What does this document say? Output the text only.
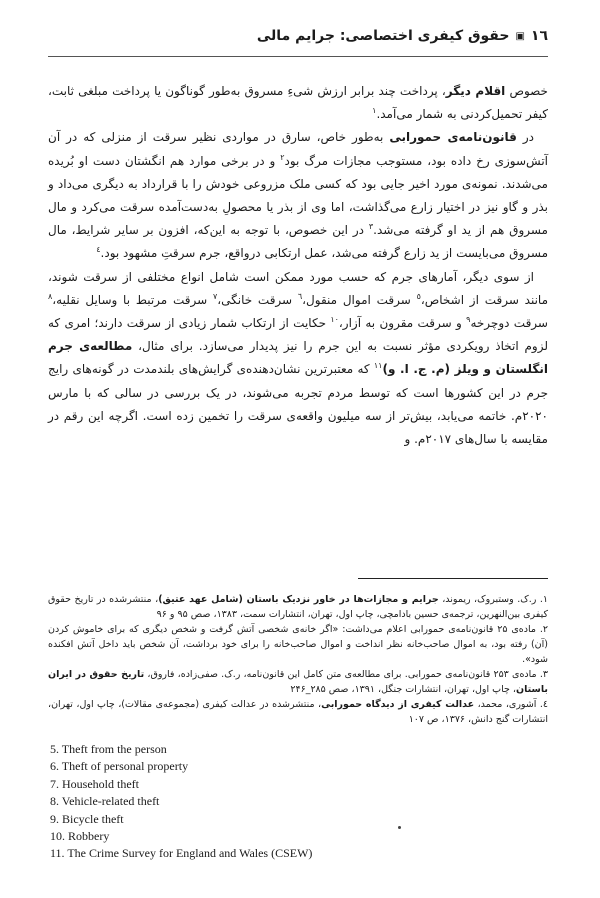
١٦▣حقوق کیفری اختصاصی: جرایم مالی

خصوص اقلام دیگر، پرداخت چند برابر ارزش شیءِ مسروق به‌طور گوناگون یا پرداخت مبلغی ثابت، کیفر تحمیل‌کردنی به شمار می‌آمد.$^١$

در قانون‌نامه‌ی حمورابی به‌طور خاص، سارق در مواردی نظیر سرقت از منزلی که در آن آتش‌سوزی رخ داده بود، مستوجب مجازات مرگ بود$^٢$ و در برخی موارد هم انگشتان دست او بُریده می‌شدند. نمونه‌ی مورد اخیر جایی بود که کسی ملک مزروعی خودش را با قرارداد به دیگری می‌داد و بذر و گاو نیز در اختیار زارع می‌گذاشت، اما وی از بذر یا محصولِ به‌دست‌آمده سرقت می‌کرد و مال مسروق هم از ید او گرفته می‌شد.$^٣$ در این خصوص، با توجه به این‌که، افزون بر سایر شرایط، مال مسروق می‌بایست از ید زارع گرفته می‌شد، عمل ارتکابی درواقع، جرم سرقتِ مشهود بود.$^٤$

از سوی دیگر، آمارهای جرم که حسب مورد ممکن است شامل انواع مختلفی از سرقت شوند، مانند سرقت از اشخاص،$^٥$ سرقت اموال منقول،$^٦$ سرقت خانگی،$^٧$ سرقت مرتبط با وسایل نقلیه،$^٨$ سرقت دوچرخه$^٩$ و سرقت مقرون به آزار،$^{١٠}$ حکایت از ارتکاب شمار زیادی از سرقت دارند؛ امری که لزوم اتخاذ رویکردی مؤثر نسبت به این جرم را نیز پدیدار می‌سازد. برای مثال، مطالعه‌ی جرم انگلستان و ویلز (م. ج. ا. و)$^{١١}$ که معتبرترین نشان‌دهنده‌ی گرایش‌های بلندمدت در گونه‌های رایج جرم در این کشورها است که توسط مردم تجربه می‌شوند، در یک بررسی در سالی که با مارس ۲۰۲۰م. خاتمه می‌یابد، بیش‌تر از سه میلیون واقعه‌ی سرقت را تخمین زده است. اگرچه این رقم در مقایسه با سال‌های ۲۰۱۷م. و

١. ر.ک. وستبروک، ریموند، جرایم و مجازات‌ها در خاور نزدیک باستان (شامل عهد عتیق)، منتشرشده در تاریخ حقوق کیفری بین‌النهرین، ترجمه‌ی حسین بادامچی، چاپ اول، تهران، انتشارات سمت، ۱۳۸۳، صص ۹۵ و ۹۶

٢. ماده‌ی ۲۵ قانون‌نامه‌ی حمورابی اعلام می‌داشت: «اگر خانه‌ی شخصی آتش گرفت و شخص دیگری که برای خاموش کردن (آن) رفته بود، به اموال صاحب‌خانه نظر انداخت و اموال صاحب‌خانه را برای خود برداشت، آن شخص باید داخل آتش افکنده شود».

٣. ماده‌ی ۲۵۳ قانون‌نامه‌ی حمورابی. برای مطالعه‌ی متن کامل این قانون‌نامه، ر.ک. صفی‌زاده، فاروق، تاریخ حقوق در ایران باستان، چاپ اول، تهران، انتشارات جنگل، ۱۳۹۱، صص ۲۸۵_۲۴۶

٤. آشوری، محمد، عدالت کیفری از دیدگاه حمورابی، منتشرشده در عدالت کیفری (مجموعه‌ی مقالات)، چاپ اول، تهران، انتشارات گنج دانش، ۱۳۷۶، ص ۱۰۷

5. Theft from the person
6. Theft of personal property
7. Household theft
8. Vehicle-related theft
9. Bicycle theft
10. Robbery
11. The Crime Survey for England and Wales (CSEW)
